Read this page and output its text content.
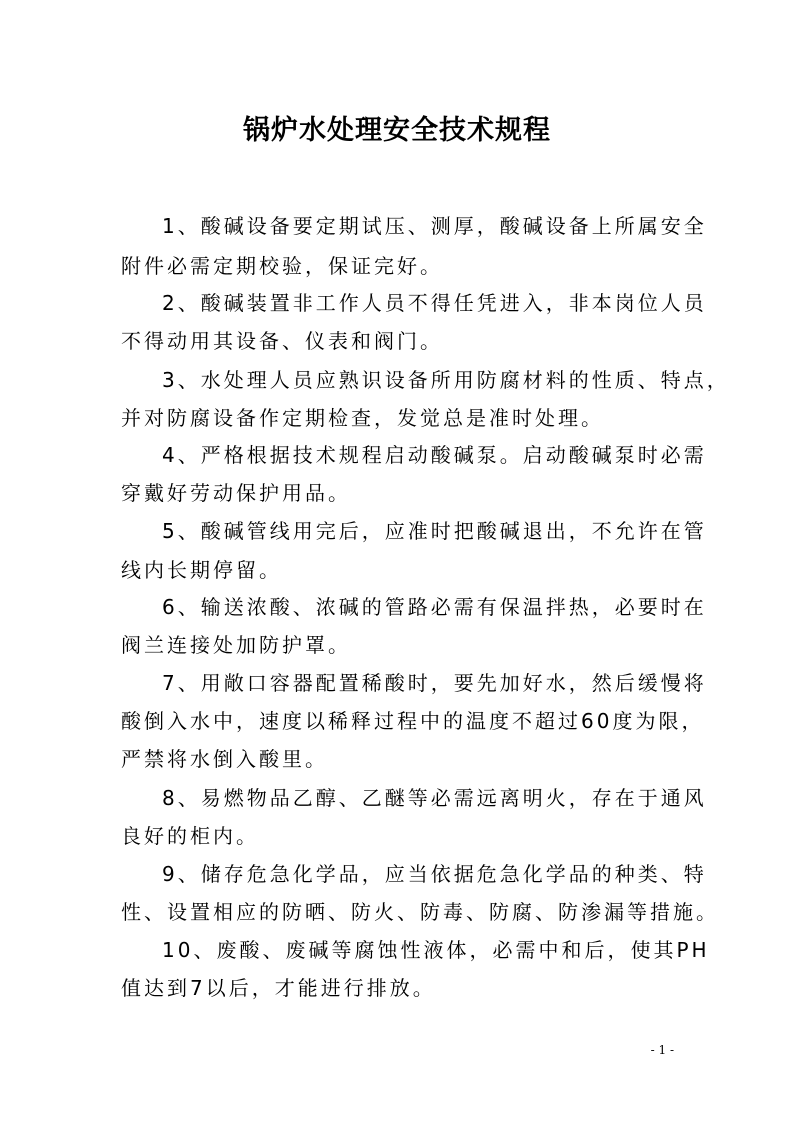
锅炉水处理安全技术规程
1、酸碱设备要定期试压、测厚，酸碱设备上所属安全
附件必需定期校验，保证完好。
2、酸碱装置非工作人员不得任凭进入，非本岗位人员
不得动用其设备、仪表和阀门。
3、水处理人员应熟识设备所用防腐材料的性质、特点，
并对防腐设备作定期检查，发觉总是准时处理。
4、严格根据技术规程启动酸碱泵。启动酸碱泵时必需
穿戴好劳动保护用品。
5、酸碱管线用完后，应准时把酸碱退出，不允许在管
线内长期停留。
6、输送浓酸、浓碱的管路必需有保温拌热，必要时在
阀兰连接处加防护罩。
7、用敞口容器配置稀酸时，要先加好水，然后缓慢将
酸倒入水中，速度以稀释过程中的温度不超过60度为限，
严禁将水倒入酸里。
8、易燃物品乙醇、乙醚等必需远离明火，存在于通风
良好的柜内。
9、储存危急化学品，应当依据危急化学品的种类、特
性、设置相应的防晒、防火、防毒、防腐、防渗漏等措施。
10、废酸、废碱等腐蚀性液体，必需中和后，使其PH
值达到7以后，才能进行排放。
- 1 -
